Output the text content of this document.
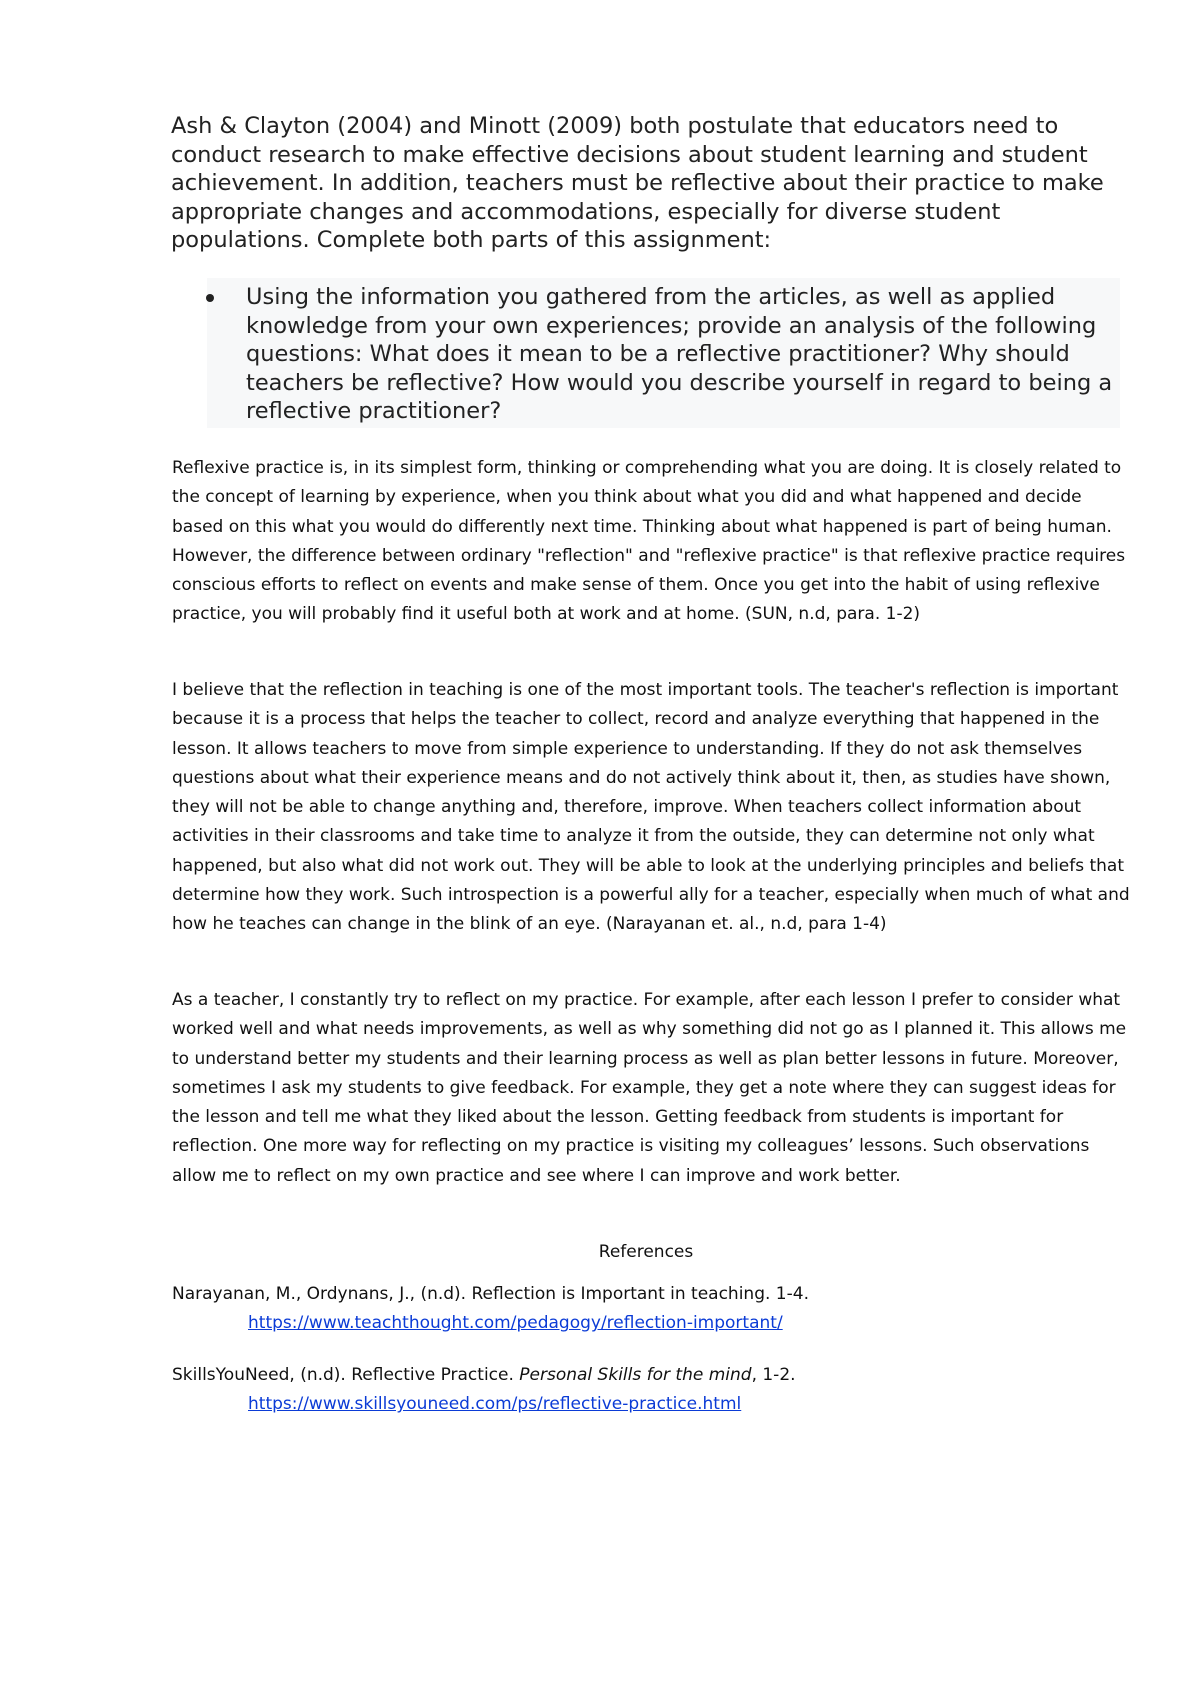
Ash & Clayton (2004) and Minott (2009) both postulate that educators need to conduct research to make effective decisions about student learning and student achievement. In addition, teachers must be reflective about their practice to make appropriate changes and accommodations, especially for diverse student populations. Complete both parts of this assignment:

Using the information you gathered from the articles, as well as applied knowledge from your own experiences; provide an analysis of the following questions: What does it mean to be a reflective practitioner? Why should teachers be reflective? How would you describe yourself in regard to being a reflective practitioner?

Reflexive practice is, in its simplest form, thinking or comprehending what you are doing. It is closely related to the concept of learning by experience, when you think about what you did and what happened and decide based on this what you would do differently next time. Thinking about what happened is part of being human. However, the difference between ordinary "reflection" and "reflexive practice" is that reflexive practice requires conscious efforts to reflect on events and make sense of them. Once you get into the habit of using reflexive practice, you will probably find it useful both at work and at home. (SUN, n.d, para. 1-2)

I believe that the reflection in teaching is one of the most important tools. The teacher's reflection is important because it is a process that helps the teacher to collect, record and analyze everything that happened in the lesson. It allows teachers to move from simple experience to understanding. If they do not ask themselves questions about what their experience means and do not actively think about it, then, as studies have shown, they will not be able to change anything and, therefore, improve. When teachers collect information about activities in their classrooms and take time to analyze it from the outside, they can determine not only what happened, but also what did not work out. They will be able to look at the underlying principles and beliefs that determine how they work. Such introspection is a powerful ally for a teacher, especially when much of what and how he teaches can change in the blink of an eye. (Narayanan et. al., n.d, para 1-4)

As a teacher, I constantly try to reflect on my practice. For example, after each lesson I prefer to consider what worked well and what needs improvements, as well as why something did not go as I planned it. This allows me to understand better my students and their learning process as well as plan better lessons in future. Moreover, sometimes I ask my students to give feedback. For example, they get a note where they can suggest ideas for the lesson and tell me what they liked about the lesson. Getting feedback from students is important for reflection. One more way for reflecting on my practice is visiting my colleagues’ lessons. Such observations allow me to reflect on my own practice and see where I can improve and work better.

References
Narayanan, M., Ordynans, J., (n.d). Reflection is Important in teaching. 1-4.
https://www.teachthought.com/pedagogy/reflection-important/
SkillsYouNeed, (n.d). Reflective Practice. Personal Skills for the mind, 1-2.
https://www.skillsyouneed.com/ps/reflective-practice.html
